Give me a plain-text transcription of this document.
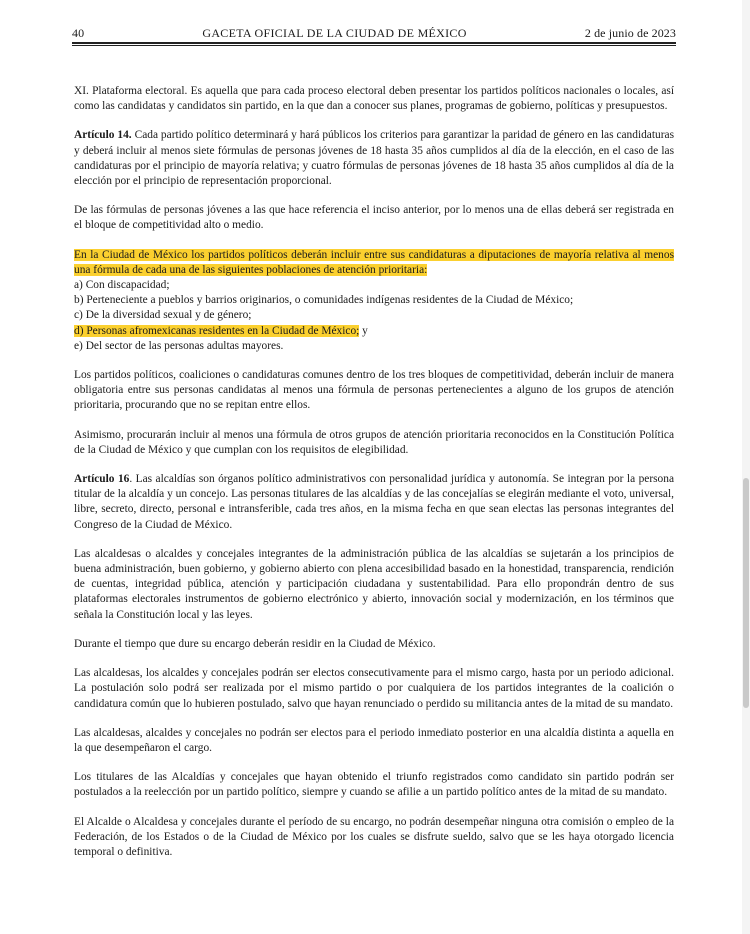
40	GACETA OFICIAL DE LA CIUDAD DE MÉXICO	2 de junio de 2023

XI. Plataforma electoral. Es aquella que para cada proceso electoral deben presentar los partidos políticos nacionales o locales, así como las candidatas y candidatos sin partido, en la que dan a conocer sus planes, programas de gobierno, políticas y presupuestos.

Artículo 14. Cada partido político determinará y hará públicos los criterios para garantizar la paridad de género en las candidaturas y deberá incluir al menos siete fórmulas de personas jóvenes de 18 hasta 35 años cumplidos al día de la elección, en el caso de las candidaturas por el principio de mayoría relativa; y cuatro fórmulas de personas jóvenes de 18 hasta 35 años cumplidos al día de la elección por el principio de representación proporcional.

De las fórmulas de personas jóvenes a las que hace referencia el inciso anterior, por lo menos una de ellas deberá ser registrada en el bloque de competitividad alto o medio.

En la Ciudad de México los partidos políticos deberán incluir entre sus candidaturas a diputaciones de mayoría relativa al menos una fórmula de cada una de las siguientes poblaciones de atención prioritaria:
a) Con discapacidad;
b) Perteneciente a pueblos y barrios originarios, o comunidades indígenas residentes de la Ciudad de México;
c) De la diversidad sexual y de género;
d) Personas afromexicanas residentes en la Ciudad de México; y
e) Del sector de las personas adultas mayores.

Los partidos políticos, coaliciones o candidaturas comunes dentro de los tres bloques de competitividad, deberán incluir de manera obligatoria entre sus personas candidatas al menos una fórmula de personas pertenecientes a alguno de los grupos de atención prioritaria, procurando que no se repitan entre ellos.

Asimismo, procurarán incluir al menos una fórmula de otros grupos de atención prioritaria reconocidos en la Constitución Política de la Ciudad de México y que cumplan con los requisitos de elegibilidad.

Artículo 16. Las alcaldías son órganos político administrativos con personalidad jurídica y autonomía. Se integran por la persona titular de la alcaldía y un concejo. Las personas titulares de las alcaldías y de las concejalías se elegirán mediante el voto, universal, libre, secreto, directo, personal e intransferible, cada tres años, en la misma fecha en que sean electas las personas integrantes del Congreso de la Ciudad de México.

Las alcaldesas o alcaldes y concejales integrantes de la administración pública de las alcaldías se sujetarán a los principios de buena administración, buen gobierno, y gobierno abierto con plena accesibilidad basado en la honestidad, transparencia, rendición de cuentas, integridad pública, atención y participación ciudadana y sustentabilidad. Para ello propondrán dentro de sus plataformas electorales instrumentos de gobierno electrónico y abierto, innovación social y modernización, en los términos que señala la Constitución local y las leyes.

Durante el tiempo que dure su encargo deberán residir en la Ciudad de México.

Las alcaldesas, los alcaldes y concejales podrán ser electos consecutivamente para el mismo cargo, hasta por un periodo adicional. La postulación solo podrá ser realizada por el mismo partido o por cualquiera de los partidos integrantes de la coalición o candidatura común que lo hubieren postulado, salvo que hayan renunciado o perdido su militancia antes de la mitad de su mandato.

Las alcaldesas, alcaldes y concejales no podrán ser electos para el periodo inmediato posterior en una alcaldía distinta a aquella en la que desempeñaron el cargo.

Los titulares de las Alcaldías y concejales que hayan obtenido el triunfo registrados como candidato sin partido podrán ser postulados a la reelección por un partido político, siempre y cuando se afilie a un partido político antes de la mitad de su mandato.

El Alcalde o Alcaldesa y concejales durante el período de su encargo, no podrán desempeñar ninguna otra comisión o empleo de la Federación, de los Estados o de la Ciudad de México por los cuales se disfrute sueldo, salvo que se les haya otorgado licencia temporal o definitiva.
